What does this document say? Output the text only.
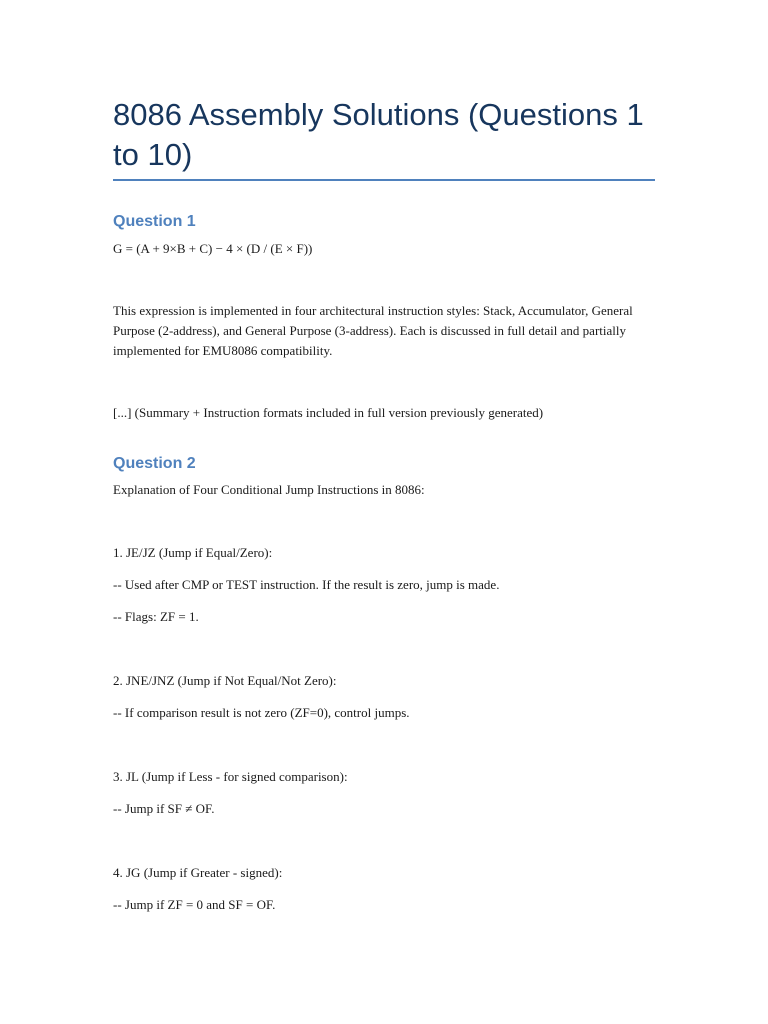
8086 Assembly Solutions (Questions 1 to 10)
Question 1

G = (A + 9×B + C) − 4 × (D / (E × F))

This expression is implemented in four architectural instruction styles: Stack, Accumulator, General Purpose (2-address), and General Purpose (3-address). Each is discussed in full detail and partially implemented for EMU8086 compatibility.

[...] (Summary + Instruction formats included in full version previously generated)

Question 2

Explanation of Four Conditional Jump Instructions in 8086:

1. JE/JZ (Jump if Equal/Zero):

-- Used after CMP or TEST instruction. If the result is zero, jump is made.

-- Flags: ZF = 1.

2. JNE/JNZ (Jump if Not Equal/Not Zero):

-- If comparison result is not zero (ZF=0), control jumps.

3. JL (Jump if Less - for signed comparison):

-- Jump if SF ≠ OF.

4. JG (Jump if Greater - signed):

-- Jump if ZF = 0 and SF = OF.
